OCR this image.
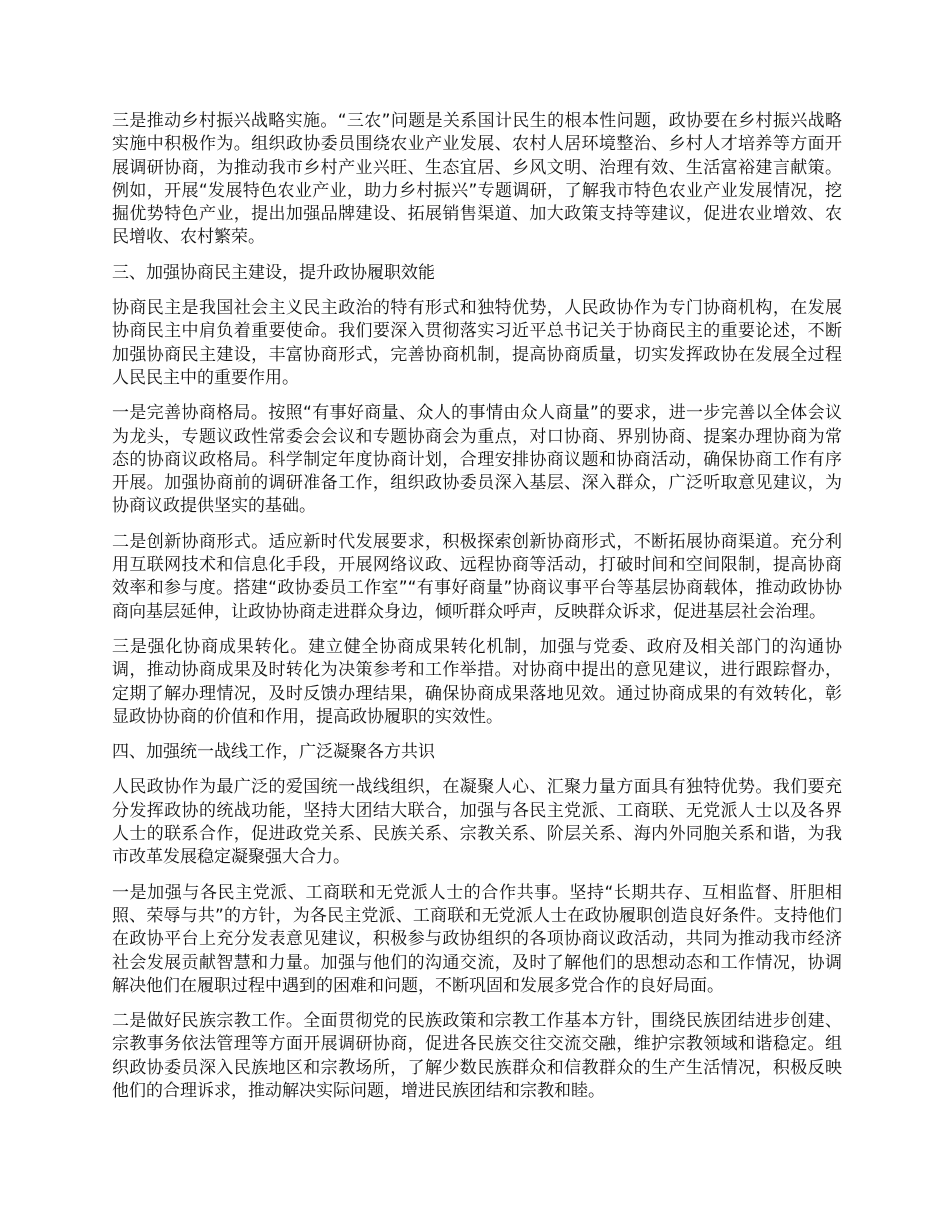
三是推动乡村振兴战略实施。“三农”问题是关系国计民生的根本性问题，政协要在乡村振兴战略实施中积极作为。组织政协委员围绕农业产业发展、农村人居环境整治、乡村人才培养等方面开展调研协商，为推动我市乡村产业兴旺、生态宜居、乡风文明、治理有效、生活富裕建言献策。例如，开展“发展特色农业产业，助力乡村振兴”专题调研，了解我市特色农业产业发展情况，挖掘优势特色产业，提出加强品牌建设、拓展销售渠道、加大政策支持等建议，促进农业增效、农民增收、农村繁荣。

三、加强协商民主建设，提升政协履职效能

协商民主是我国社会主义民主政治的特有形式和独特优势，人民政协作为专门协商机构，在发展协商民主中肩负着重要使命。我们要深入贯彻落实习近平总书记关于协商民主的重要论述，不断加强协商民主建设，丰富协商形式，完善协商机制，提高协商质量，切实发挥政协在发展全过程人民民主中的重要作用。

一是完善协商格局。按照“有事好商量、众人的事情由众人商量”的要求，进一步完善以全体会议为龙头，专题议政性常委会会议和专题协商会为重点，对口协商、界别协商、提案办理协商为常态的协商议政格局。科学制定年度协商计划，合理安排协商议题和协商活动，确保协商工作有序开展。加强协商前的调研准备工作，组织政协委员深入基层、深入群众，广泛听取意见建议，为协商议政提供坚实的基础。

二是创新协商形式。适应新时代发展要求，积极探索创新协商形式，不断拓展协商渠道。充分利用互联网技术和信息化手段，开展网络议政、远程协商等活动，打破时间和空间限制，提高协商效率和参与度。搭建“政协委员工作室”“有事好商量”协商议事平台等基层协商载体，推动政协协商向基层延伸，让政协协商走进群众身边，倾听群众呼声，反映群众诉求，促进基层社会治理。

三是强化协商成果转化。建立健全协商成果转化机制，加强与党委、政府及相关部门的沟通协调，推动协商成果及时转化为决策参考和工作举措。对协商中提出的意见建议，进行跟踪督办，定期了解办理情况，及时反馈办理结果，确保协商成果落地见效。通过协商成果的有效转化，彰显政协协商的价值和作用，提高政协履职的实效性。

四、加强统一战线工作，广泛凝聚各方共识

人民政协作为最广泛的爱国统一战线组织，在凝聚人心、汇聚力量方面具有独特优势。我们要充分发挥政协的统战功能，坚持大团结大联合，加强与各民主党派、工商联、无党派人士以及各界人士的联系合作，促进政党关系、民族关系、宗教关系、阶层关系、海内外同胞关系和谐，为我市改革发展稳定凝聚强大合力。

一是加强与各民主党派、工商联和无党派人士的合作共事。坚持“长期共存、互相监督、肝胆相照、荣辱与共”的方针，为各民主党派、工商联和无党派人士在政协履职创造良好条件。支持他们在政协平台上充分发表意见建议，积极参与政协组织的各项协商议政活动，共同为推动我市经济社会发展贡献智慧和力量。加强与他们的沟通交流，及时了解他们的思想动态和工作情况，协调解决他们在履职过程中遇到的困难和问题，不断巩固和发展多党合作的良好局面。

二是做好民族宗教工作。全面贯彻党的民族政策和宗教工作基本方针，围绕民族团结进步创建、宗教事务依法管理等方面开展调研协商，促进各民族交往交流交融，维护宗教领域和谐稳定。组织政协委员深入民族地区和宗教场所，了解少数民族群众和信教群众的生产生活情况，积极反映他们的合理诉求，推动解决实际问题，增进民族团结和宗教和睦。
